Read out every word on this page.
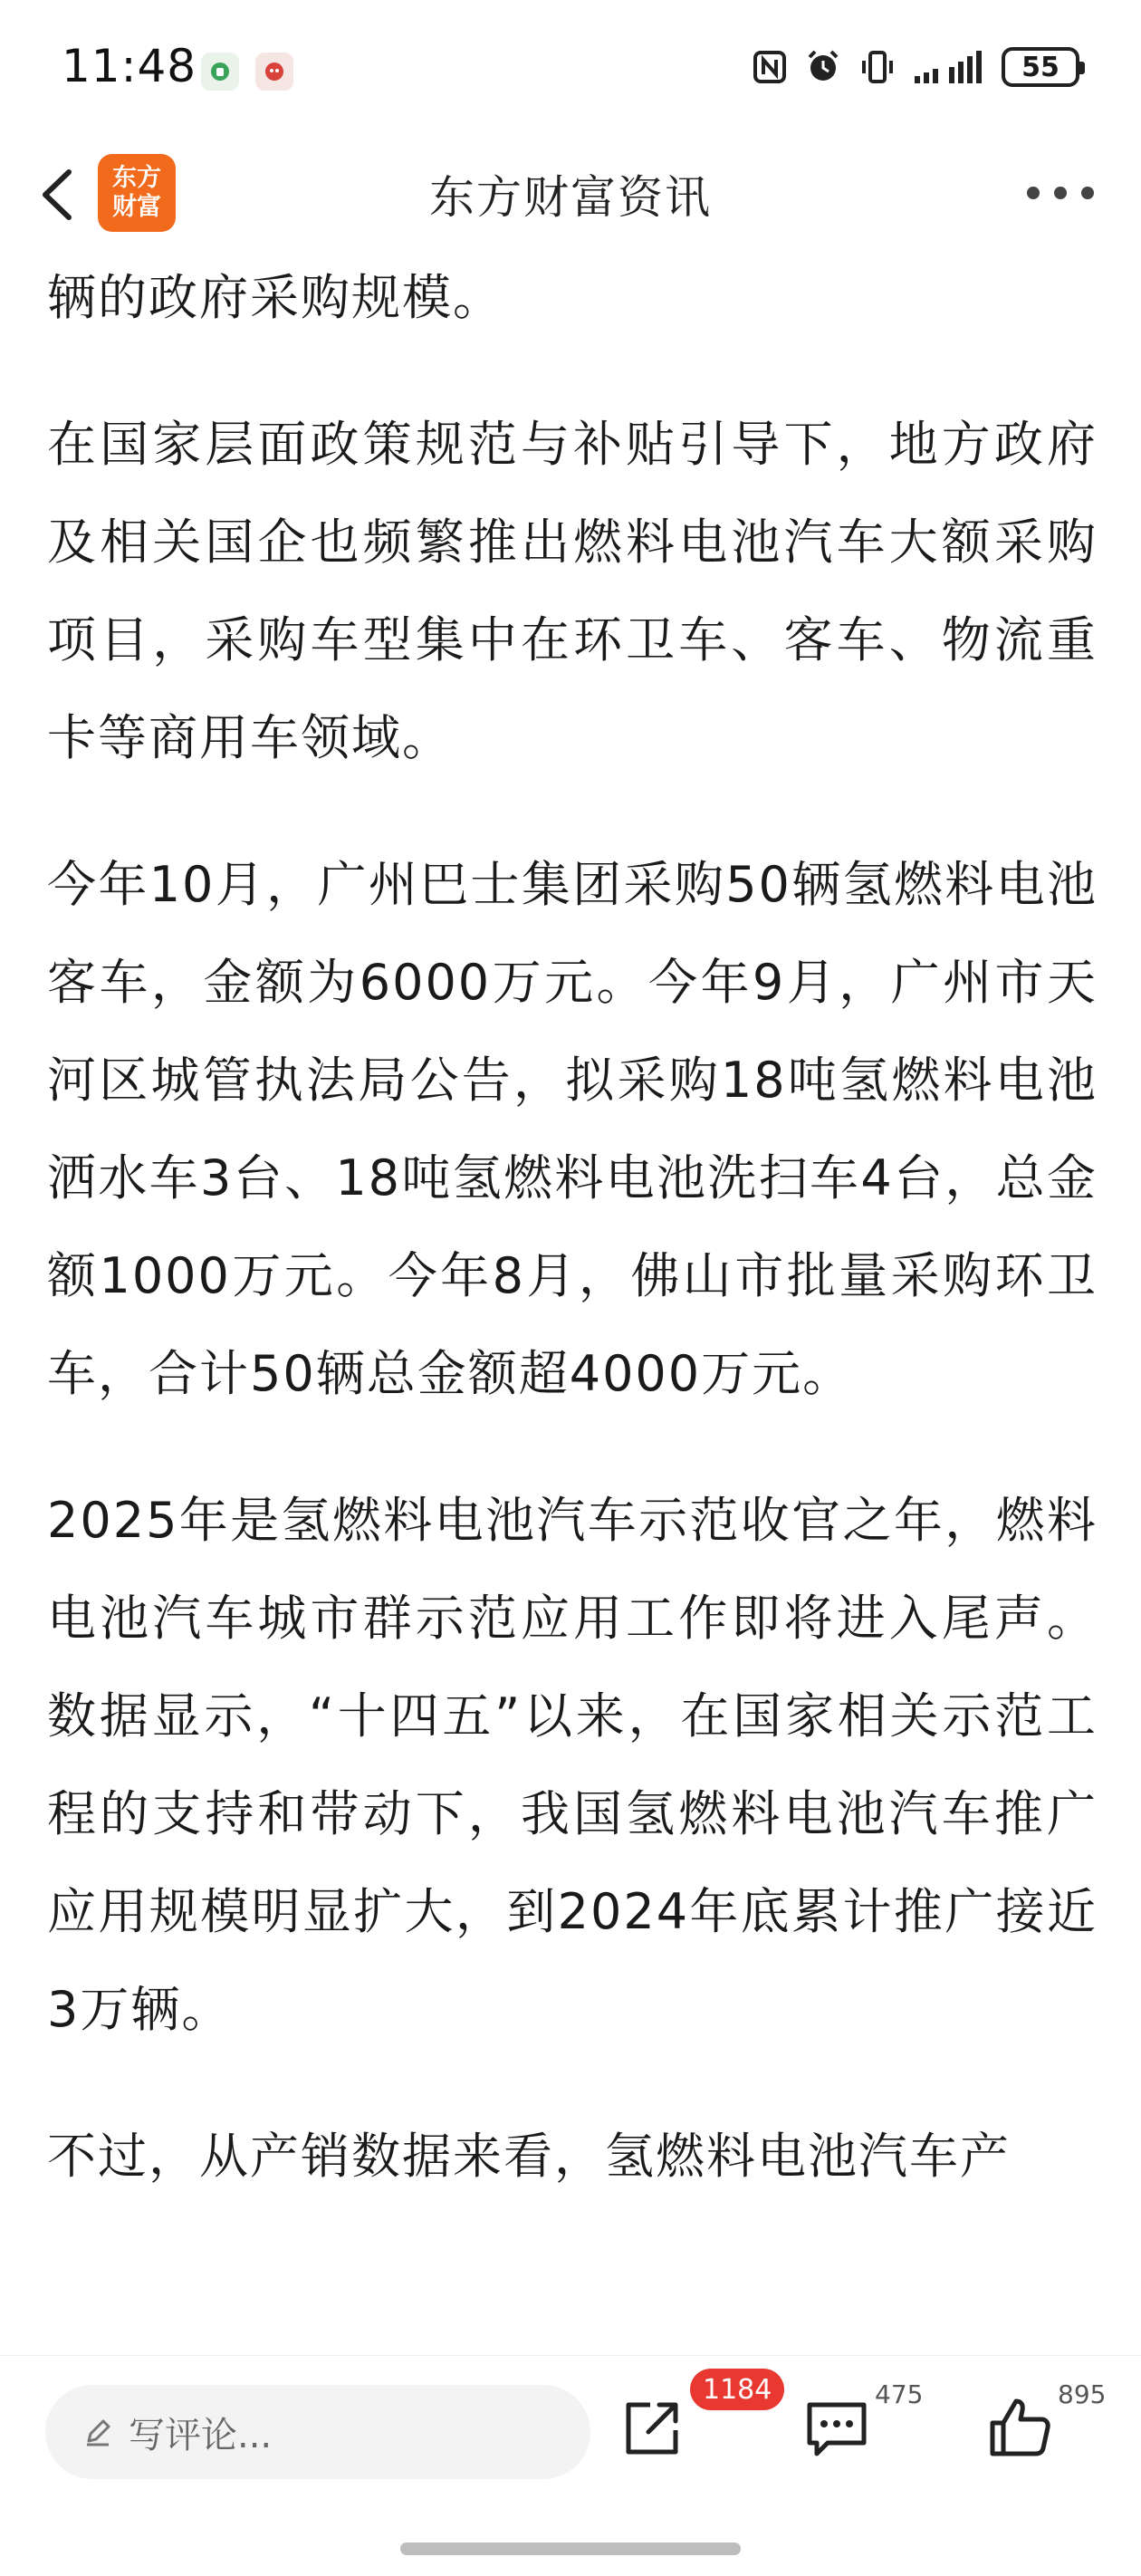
11:48	55
东方
财富	东方财富资讯

辆的政府采购规模。

在国家层面政策规范与补贴引导下，地方政府及相关国企也频繁推出燃料电池汽车大额采购项目，采购车型集中在环卫车、客车、物流重卡等商用车领域。

今年10月，广州巴士集团采购50辆氢燃料电池客车，金额为6000万元。今年9月，广州市天河区城管执法局公告，拟采购18吨氢燃料电池洒水车3台、18吨氢燃料电池洗扫车4台，总金额1000万元。今年8月，佛山市批量采购环卫车，合计50辆总金额超4000万元。

2025年是氢燃料电池汽车示范收官之年，燃料电池汽车城市群示范应用工作即将进入尾声。数据显示，“十四五”以来，在国家相关示范工程的支持和带动下，我国氢燃料电池汽车推广应用规模明显扩大，到2024年底累计推广接近3万辆。

不过，从产销数据来看，氢燃料电池汽车产

写评论...
1184	475	895
